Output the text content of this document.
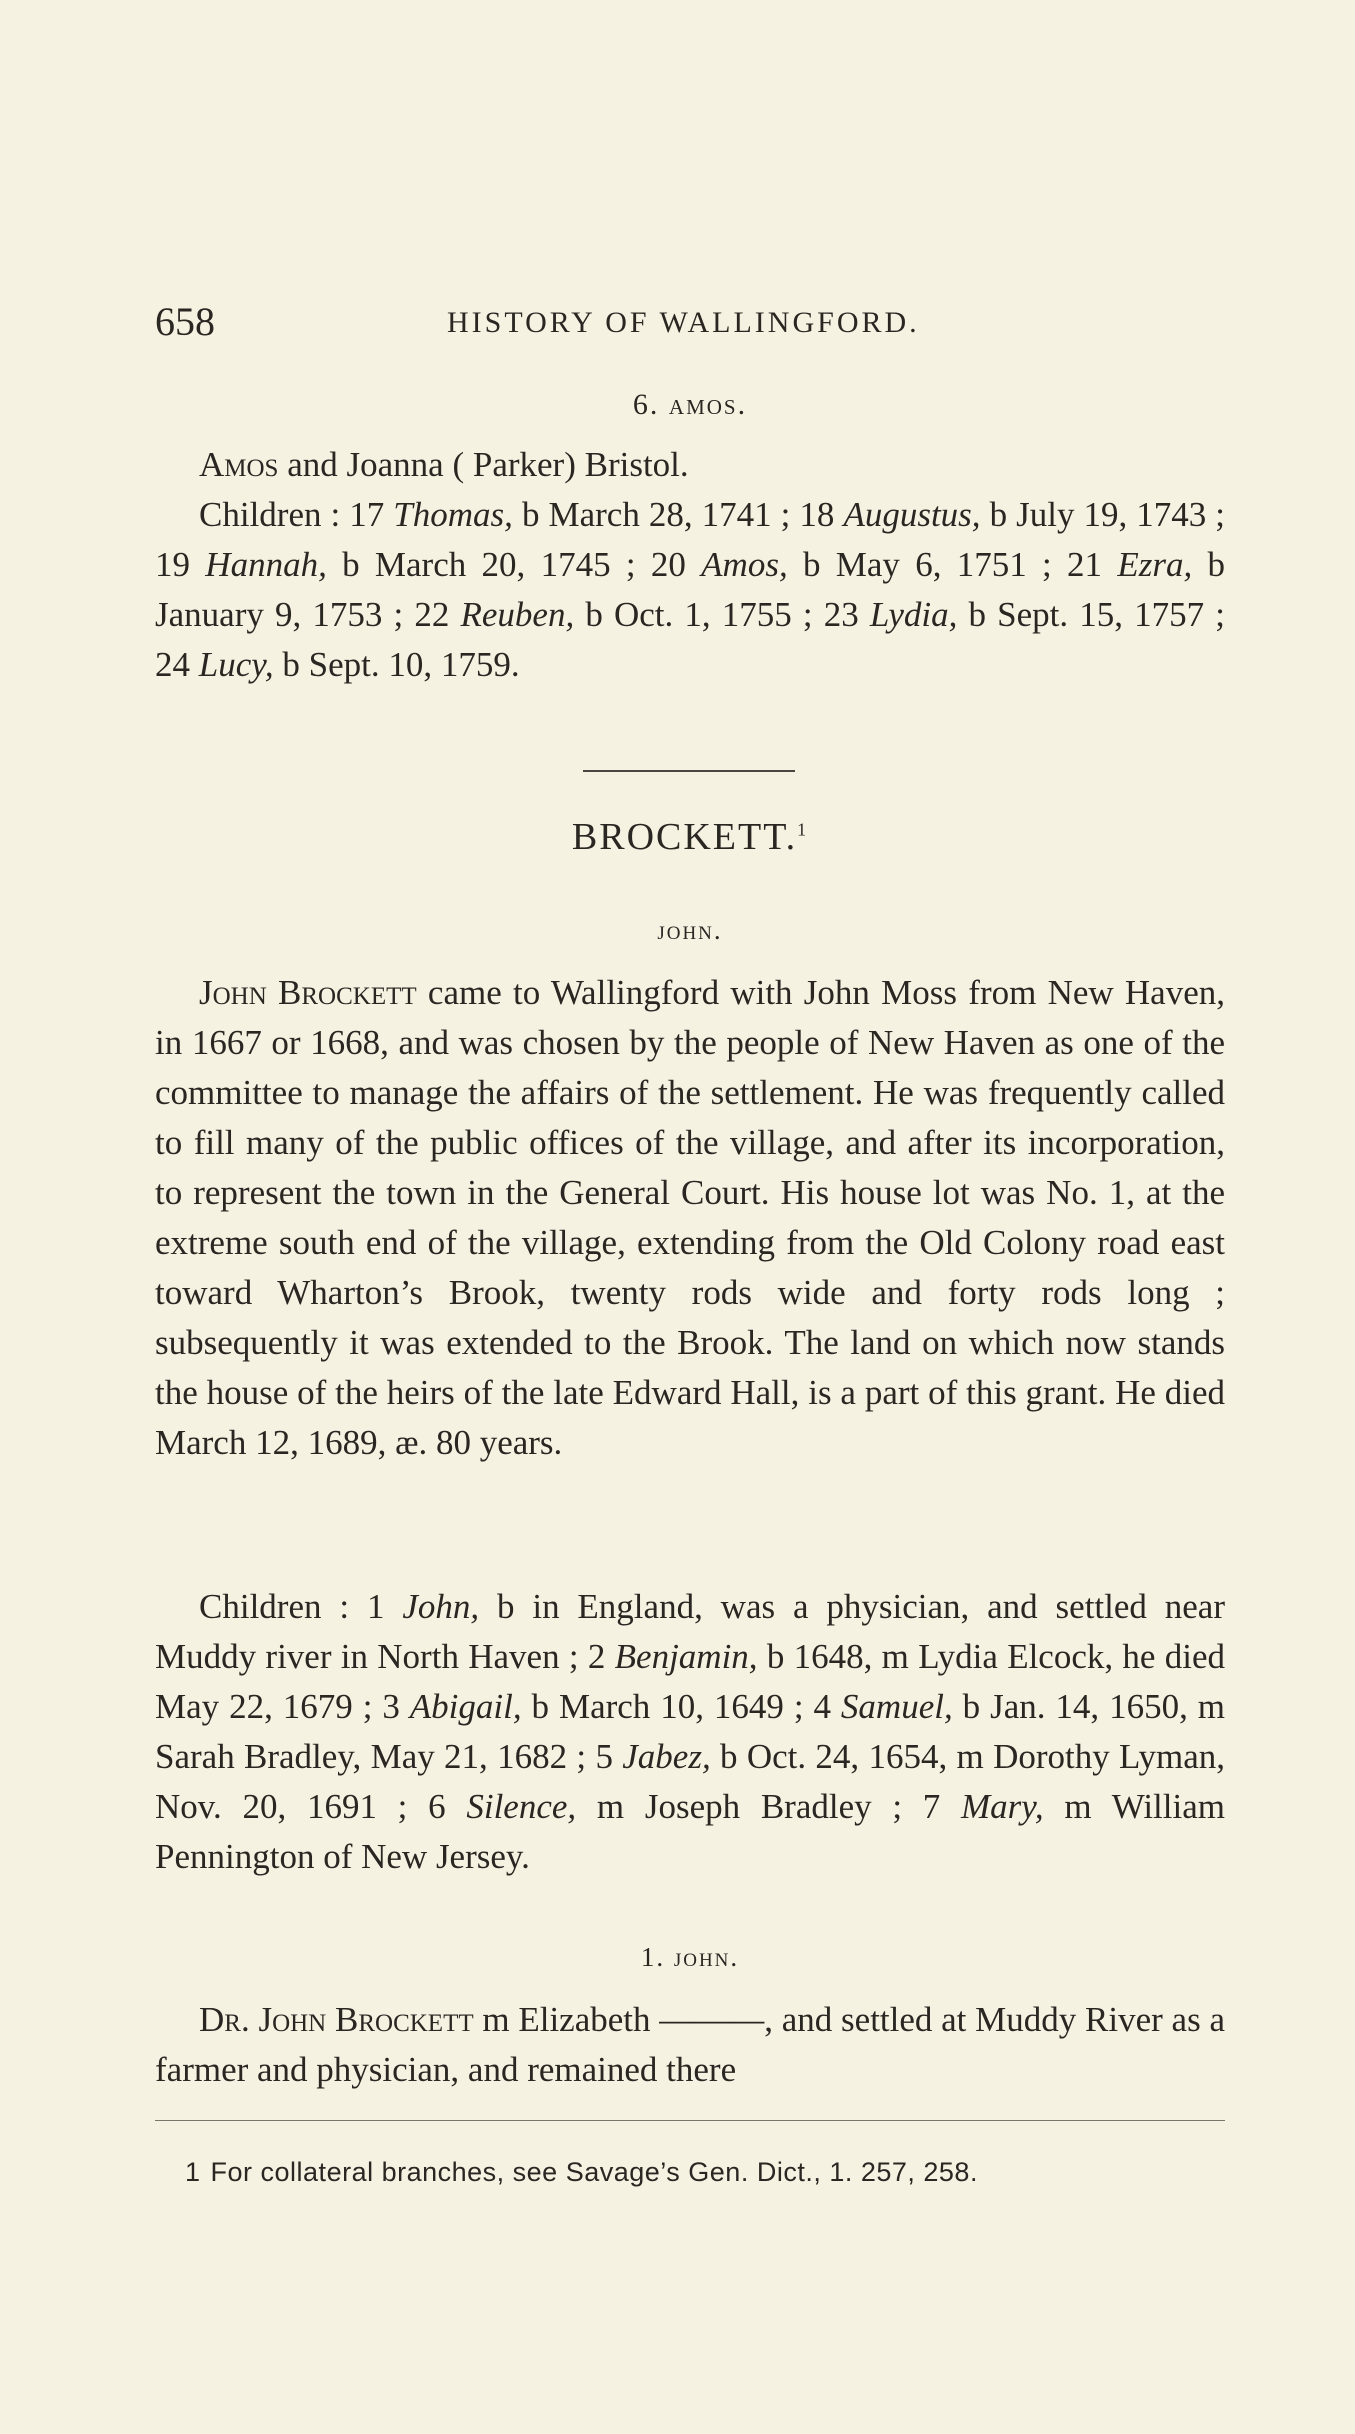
658	HISTORY OF WALLINGFORD.
6. amos.

Amos and Joanna ( Parker) Bristol.

Children : 17 Thomas, b March 28, 1741 ; 18 Augustus, b July 19, 1743 ; 19 Hannah, b March 20, 1745 ; 20 Amos, b May 6, 1751 ; 21 Ezra, b January 9, 1753 ; 22 Reuben, b Oct. 1, 1755 ; 23 Lydia, b Sept. 15, 1757 ; 24 Lucy, b Sept. 10, 1759.

BROCKETT.$^1$
john.

John Brockett came to Wallingford with John Moss from New Haven, in 1667 or 1668, and was chosen by the people of New Haven as one of the committee to manage the affairs of the settlement. He was frequently called to fill many of the public offices of the village, and after its incorporation, to represent the town in the General Court. His house lot was No. 1, at the extreme south end of the village, extending from the Old Colony road east toward Wharton’s Brook, twenty rods wide and forty rods long ; subsequently it was extended to the Brook. The land on which now stands the house of the heirs of the late Edward Hall, is a part of this grant. He died March 12, 1689, æ. 80 years.

Children : 1 John, b in England, was a physician, and settled near Muddy river in North Haven ; 2 Benjamin, b 1648, m Lydia Elcock, he died May 22, 1679 ; 3 Abigail, b March 10, 1649 ; 4 Samuel, b Jan. 14, 1650, m Sarah Bradley, May 21, 1682 ; 5 Jabez, b Oct. 24, 1654, m Dorothy Lyman, Nov. 20, 1691 ; 6 Silence, m Joseph Bradley ; 7 Mary, m William Pennington of New Jersey.

1. john.

Dr. John Brockett m Elizabeth ———, and settled at Muddy River as a farmer and physician, and remained there

1 For collateral branches, see Savage’s Gen. Dict., 1. 257, 258.
